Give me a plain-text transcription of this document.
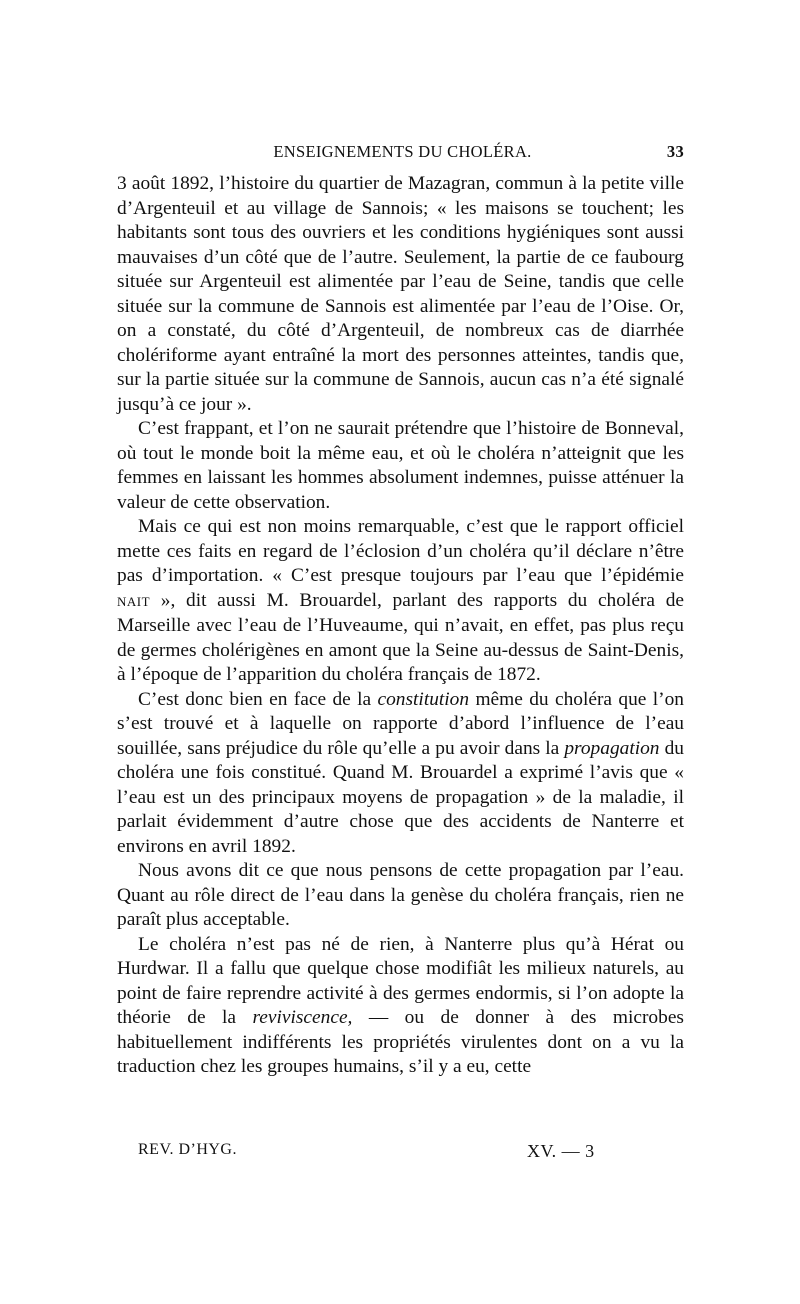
ENSEIGNEMENTS DU CHOLÉRA.	33

3 août 1892, l’histoire du quartier de Mazagran, commun à la petite ville d’Argenteuil et au village de Sannois; « les maisons se touchent; les habitants sont tous des ouvriers et les conditions hygiéniques sont aussi mauvaises d’un côté que de l’autre. Seulement, la partie de ce faubourg située sur Argenteuil est alimentée par l’eau de Seine, tandis que celle située sur la commune de Sannois est alimentée par l’eau de l’Oise. Or, on a constaté, du côté d’Argenteuil, de nombreux cas de diarrhée cholériforme ayant entraîné la mort des personnes atteintes, tandis que, sur la partie située sur la commune de Sannois, aucun cas n’a été signalé jusqu’à ce jour ».

C’est frappant, et l’on ne saurait prétendre que l’histoire de Bonneval, où tout le monde boit la même eau, et où le choléra n’atteignit que les femmes en laissant les hommes absolument indemnes, puisse atténuer la valeur de cette observation.

Mais ce qui est non moins remarquable, c’est que le rapport officiel mette ces faits en regard de l’éclosion d’un choléra qu’il déclare n’être pas d’importation. « C’est presque toujours par l’eau que l’épidémie NAIT », dit aussi M. Brouardel, parlant des rapports du choléra de Marseille avec l’eau de l’Huveaume, qui n’avait, en effet, pas plus reçu de germes cholérigènes en amont que la Seine au-dessus de Saint-Denis, à l’époque de l’apparition du choléra français de 1872.

C’est donc bien en face de la constitution même du choléra que l’on s’est trouvé et à laquelle on rapporte d’abord l’influence de l’eau souillée, sans préjudice du rôle qu’elle a pu avoir dans la propagation du choléra une fois constitué. Quand M. Brouardel a exprimé l’avis que « l’eau est un des principaux moyens de propagation » de la maladie, il parlait évidemment d’autre chose que des accidents de Nanterre et environs en avril 1892.

Nous avons dit ce que nous pensons de cette propagation par l’eau. Quant au rôle direct de l’eau dans la genèse du choléra français, rien ne paraît plus acceptable.

Le choléra n’est pas né de rien, à Nanterre plus qu’à Hérat ou Hurdwar. Il a fallu que quelque chose modifiât les milieux naturels, au point de faire reprendre activité à des germes endormis, si l’on adopte la théorie de la reviviscence, — ou de donner à des microbes habituellement indifférents les propriétés virulentes dont on a vu la traduction chez les groupes humains, s’il y a eu, cette

REV. D’HYG.	XV. — 3
